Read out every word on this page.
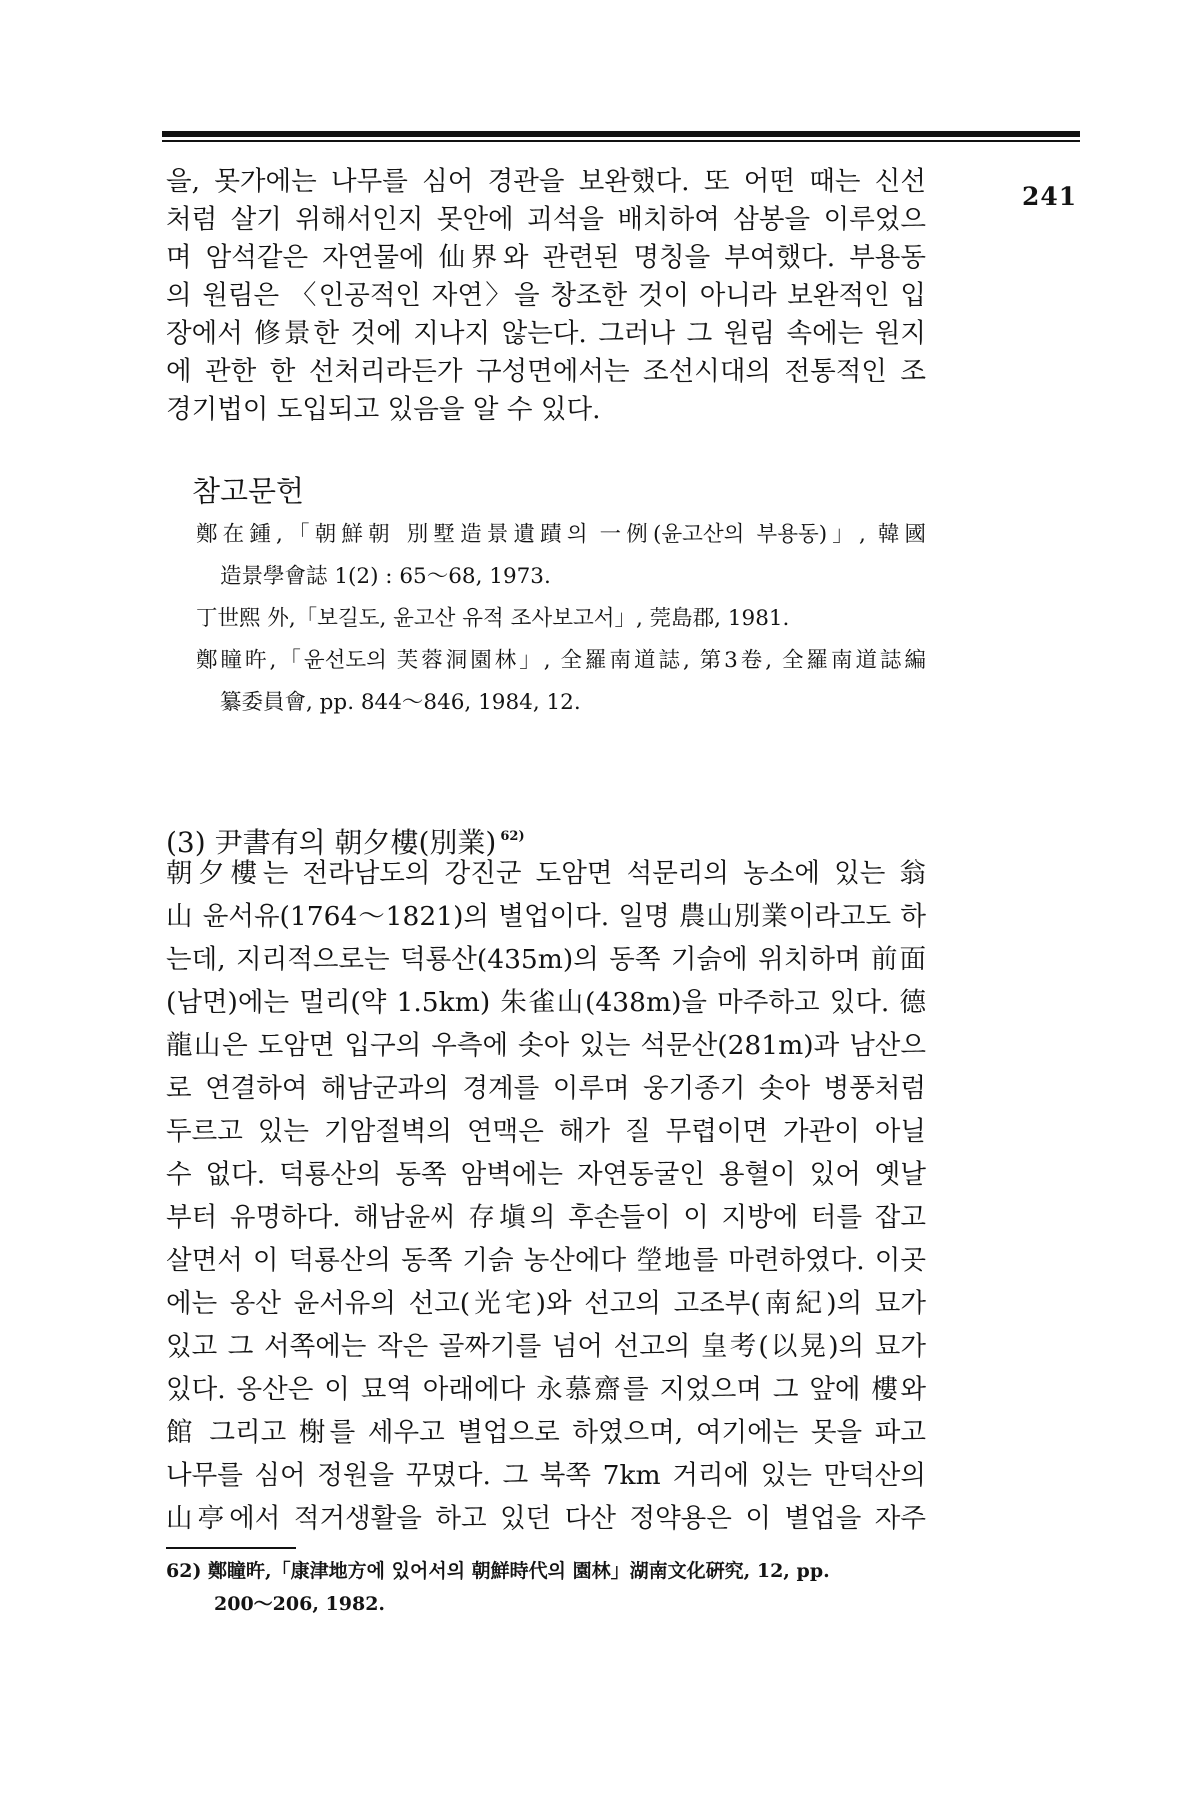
241
을, 못가에는 나무를 심어 경관을 보완했다. 또 어떤 때는 신선
처럼 살기 위해서인지 못안에 괴석을 배치하여 삼봉을 이루었으
며 암석같은 자연물에 仙界와 관련된 명칭을 부여했다. 부용동
의 원림은 〈인공적인 자연〉을 창조한 것이 아니라 보완적인 입
장에서 修景한 것에 지나지 않는다. 그러나 그 원림 속에는 원지
에 관한 한 선처리라든가 구성면에서는 조선시대의 전통적인 조
경기법이 도입되고 있음을 알 수 있다.
참고문헌
鄭在鍾,「朝鮮朝 別墅造景遺蹟의 一例(윤고산의 부용동)」, 韓國
造景學會誌 1(2) : 65～68, 1973.
丁世熙 外,「보길도, 윤고산 유적 조사보고서」, 莞島郡, 1981.
鄭瞳旿,「윤선도의 芙蓉洞園林」, 全羅南道誌, 第3卷, 全羅南道誌編
纂委員會, pp. 844～846, 1984, 12.
(3) 尹書有의 朝夕樓(別業) $^{62)}$
朝夕樓는 전라남도의 강진군 도암면 석문리의 농소에 있는 翁
山 윤서유(1764～1821)의 별업이다. 일명 農山別業이라고도 하
는데, 지리적으로는 덕룡산(435m)의 동쪽 기슭에 위치하며 前面
(남면)에는 멀리(약 1.5km) 朱雀山(438m)을 마주하고 있다. 德
龍山은 도암면 입구의 우측에 솟아 있는 석문산(281m)과 남산으
로 연결하여 해남군과의 경계를 이루며 웅기종기 솟아 병풍처럼
두르고 있는 기암절벽의 연맥은 해가 질 무렵이면 가관이 아닐
수 없다. 덕룡산의 동쪽 암벽에는 자연동굴인 용혈이 있어 옛날
부터 유명하다. 해남윤씨 存塡의 후손들이 이 지방에 터를 잡고
살면서 이 덕룡산의 동쪽 기슭 농산에다 塋地를 마련하였다. 이곳
에는 옹산 윤서유의 선고(光宅)와 선고의 고조부(南紀)의 묘가
있고 그 서쪽에는 작은 골짜기를 넘어 선고의 皇考(以晃)의 묘가
있다. 옹산은 이 묘역 아래에다 永慕齋를 지었으며 그 앞에 樓와
館 그리고 榭를 세우고 별업으로 하였으며, 여기에는 못을 파고
나무를 심어 정원을 꾸몄다. 그 북쪽 7km 거리에 있는 만덕산의
山亭에서 적거생활을 하고 있던 다산 정약용은 이 별업을 자주
62) 鄭瞳旿,「康津地方에 있어서의 朝鮮時代의 園林」湖南文化硏究, 12, pp.
200～206, 1982.
